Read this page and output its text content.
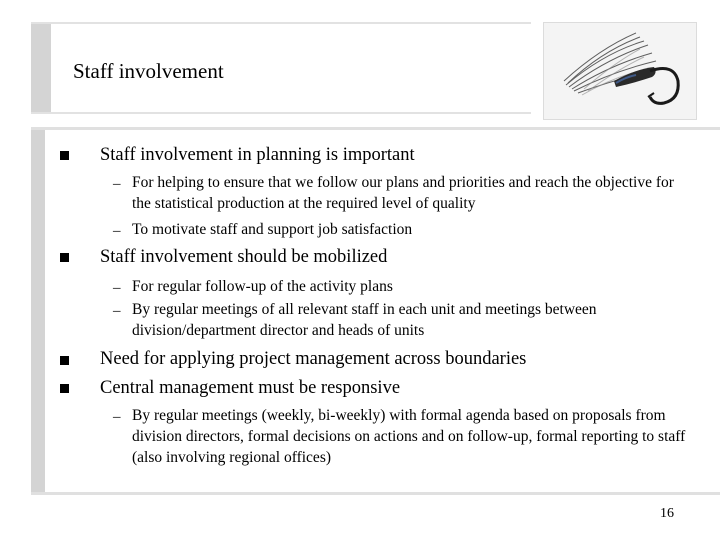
Staff involvement
Staff involvement in planning is important
– For helping to ensure that we follow our plans and priorities and reach the objective for the statistical production at the required level of quality
– To motivate staff and support job satisfaction
Staff involvement should be mobilized
– For regular follow-up of the activity plans
– By regular meetings of all relevant staff in each unit and meetings between division/department director and heads of units
Need for applying project management across boundaries
Central management must be responsive
– By regular meetings (weekly, bi-weekly) with formal agenda based on proposals from division directors, formal decisions on actions and on follow-up, formal reporting to staff (also involving regional offices)
16
